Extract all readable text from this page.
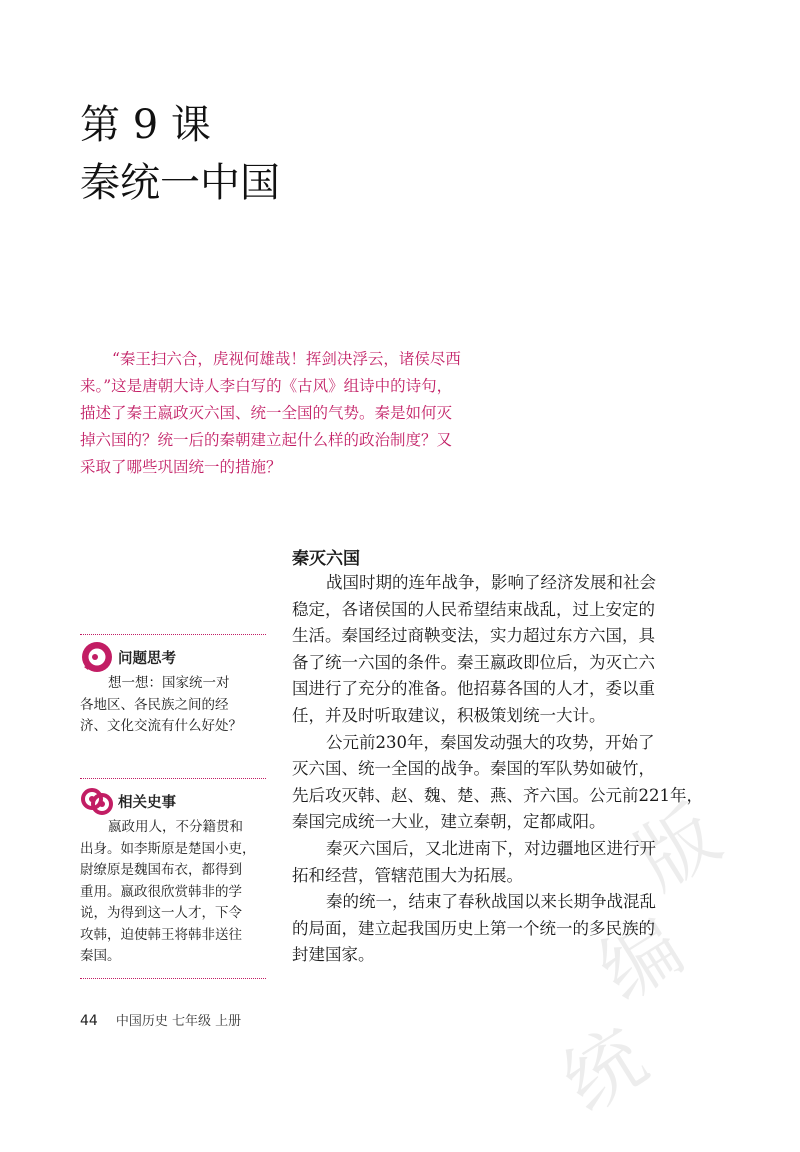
第 9 课
秦统一中国

“秦王扫六合，虎视何雄哉！挥剑决浮云，诸侯尽西
来。”这是唐朝大诗人李白写的《古风》组诗中的诗句，
描述了秦王嬴政灭六国、统一全国的气势。秦是如何灭
掉六国的？统一后的秦朝建立起什么样的政治制度？又
采取了哪些巩固统一的措施？

秦灭六国

战国时期的连年战争，影响了经济发展和社会
稳定，各诸侯国的人民希望结束战乱，过上安定的
生活。秦国经过商鞅变法，实力超过东方六国，具
备了统一六国的条件。秦王嬴政即位后，为灭亡六
国进行了充分的准备。他招募各国的人才，委以重
任，并及时听取建议，积极策划统一大计。

公元前230年，秦国发动强大的攻势，开始了
灭六国、统一全国的战争。秦国的军队势如破竹，
先后攻灭韩、赵、魏、楚、燕、齐六国。公元前221年，
秦国完成统一大业，建立秦朝，定都咸阳。

秦灭六国后，又北进南下，对边疆地区进行开
拓和经营，管辖范围大为拓展。

秦的统一，结束了春秋战国以来长期争战混乱
的局面，建立起我国历史上第一个统一的多民族的
封建国家。

问题思考
想一想：国家统一对
各地区、各民族之间的经
济、文化交流有什么好处？
相关史事
嬴政用人，不分籍贯和
出身。如李斯原是楚国小吏，
尉缭原是魏国布衣，都得到
重用。嬴政很欣赏韩非的学
说，为得到这一人才，下令
攻韩，迫使韩王将韩非送往
秦国。
44 中国历史 七年级 上册	统
编
版
